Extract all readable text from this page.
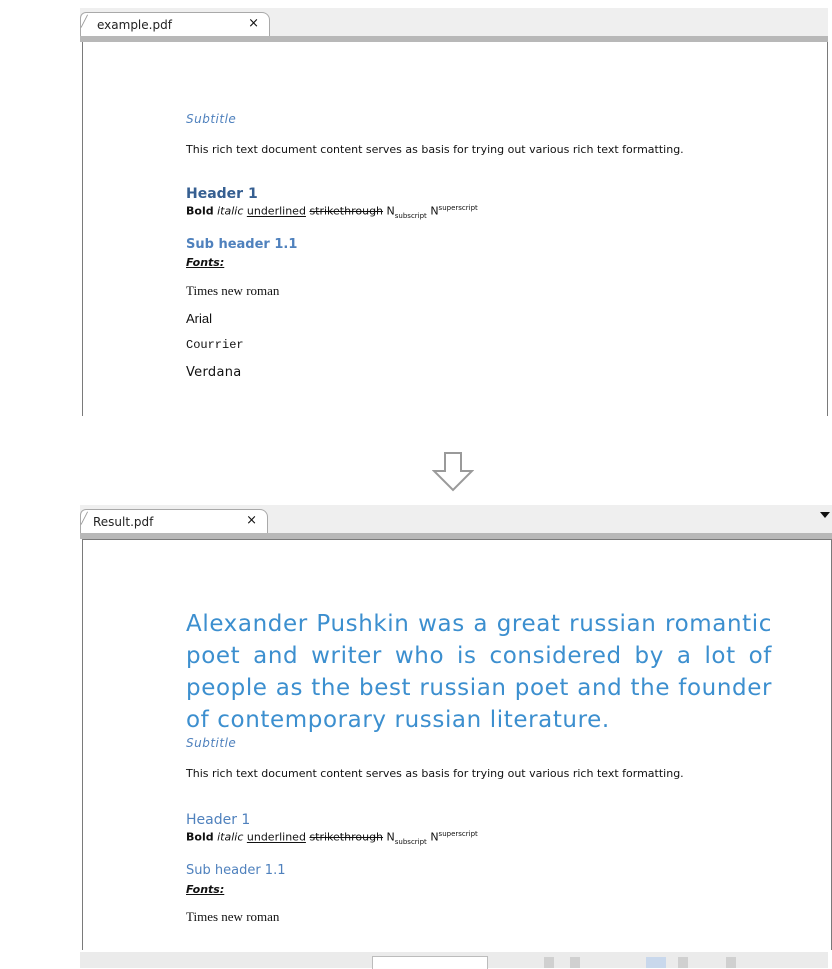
╱ example.pdf	×
Subtitle
This rich text document content serves as basis for trying out various rich text formatting.
Header 1
Bold italic underlined strikethrough $N_{subscript}$ $N^{superscript}$
Sub header 1.1
Fonts:
Times new roman
Arial
Courrier
Verdana
╱ Result.pdf	×
Alexander Pushkin was a great russian romantic poet and writer who is considered by a lot of people as the best russian poet and the founder of contemporary russian literature.
Subtitle
This rich text document content serves as basis for trying out various rich text formatting.
Header 1
Bold italic underlined strikethrough $N_{subscript}$ $N^{superscript}$
Sub header 1.1
Fonts:
Times new roman
